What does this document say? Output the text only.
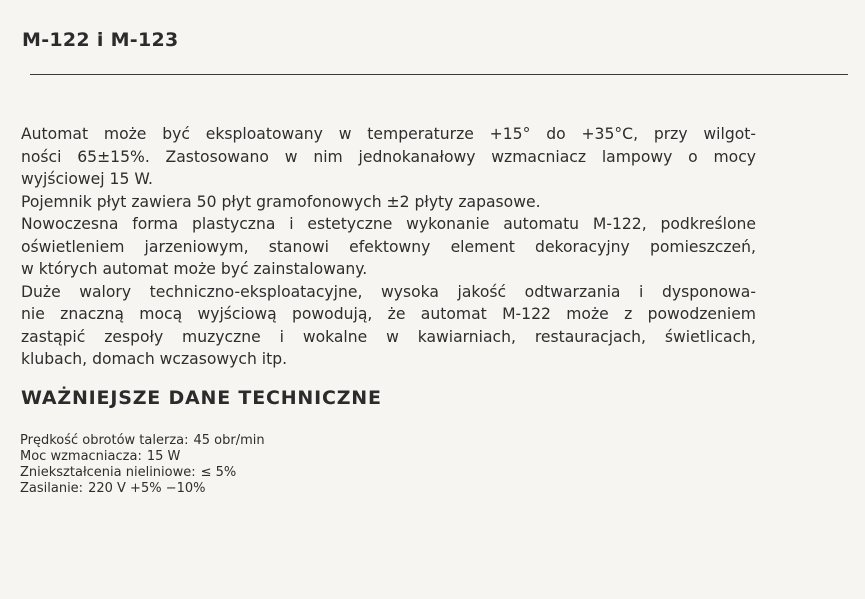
M-122 i M-123

Automat może być eksploatowany w temperaturze +15° do +35°C, przy wilgot-
ności 65±15%. Zastosowano w nim jednokanałowy wzmacniacz lampowy o mocy
wyjściowej 15 W.

Pojemnik płyt zawiera 50 płyt gramofonowych ±2 płyty zapasowe.

Nowoczesna forma plastyczna i estetyczne wykonanie automatu M-122, podkreślone
oświetleniem jarzeniowym, stanowi efektowny element dekoracyjny pomieszczeń,
w których automat może być zainstalowany.

Duże walory techniczno-eksploatacyjne, wysoka jakość odtwarzania i dysponowa-
nie znaczną mocą wyjściową powodują, że automat M-122 może z powodzeniem
zastąpić zespoły muzyczne i wokalne w kawiarniach, restauracjach, świetlicach,
klubach, domach wczasowych itp.

WAŻNIEJSZE DANE TECHNICZNE
Prędkość obrotów talerza: 45 obr/min
Moc wzmacniacza: 15 W
Zniekształcenia nieliniowe: ≤ 5%
Zasilanie: 220 V +5% −10%
